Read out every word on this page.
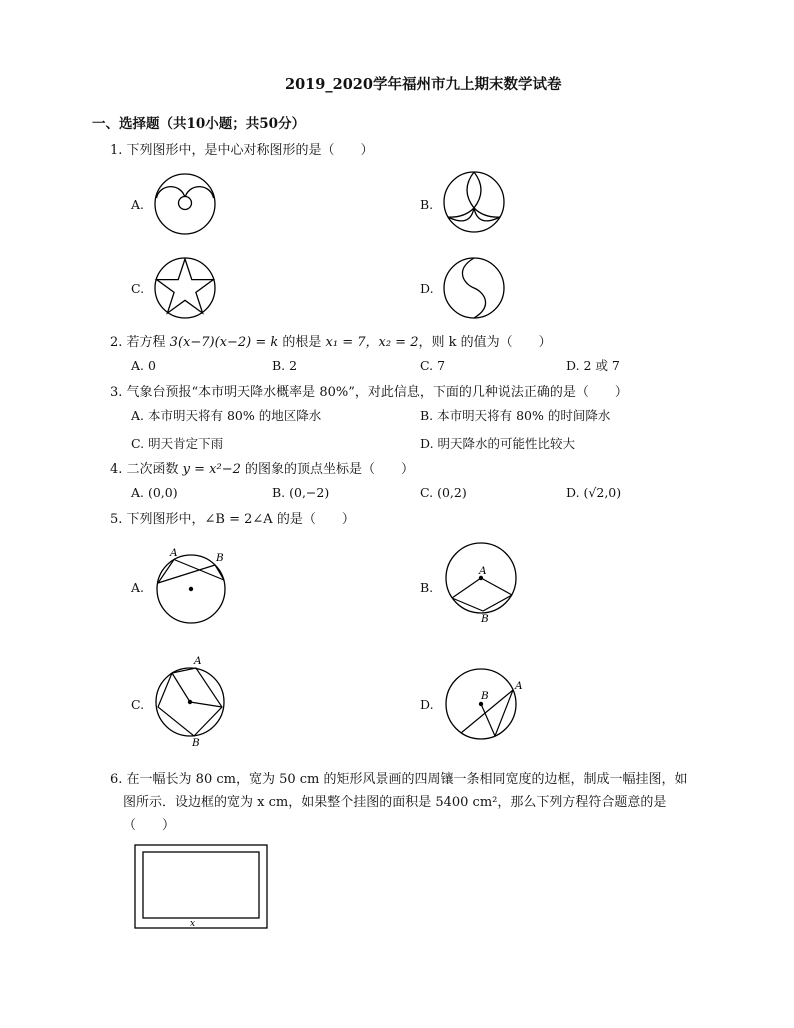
2019_2020学年福州市九上期末数学试卷
一、选择题（共10小题；共50分）
1. 下列图形中，是中心对称图形的是（　　）
A.	B.
C.	D.
2. 若方程 3(x−7)(x−2) = k 的根是 x₁ = 7，x₂ = 2，则 k 的值为（　　）
A. 0	B. 2	C. 7	D. 2 或 7
3. 气象台预报“本市明天降水概率是 80%”，对此信息，下面的几种说法正确的是（　　）
A. 本市明天将有 80% 的地区降水	B. 本市明天将有 80% 的时间降水
C. 明天肯定下雨	D. 明天降水的可能性比较大
4. 二次函数 y = x²−2 的图象的顶点坐标是（　　）
A. (0,0)	B. (0,−2)	C. (0,2)	D. (√2,0)
5. 下列图形中，∠B = 2∠A 的是（　　）
A.	B.
C.	D.
A	B
A
B
A
B
A
B
6. 在一幅长为 80 cm，宽为 50 cm 的矩形风景画的四周镶一条相同宽度的边框，制成一幅挂图，如
图所示．设边框的宽为 x cm，如果整个挂图的面积是 5400 cm²，那么下列方程符合题意的是
（　　）
x
